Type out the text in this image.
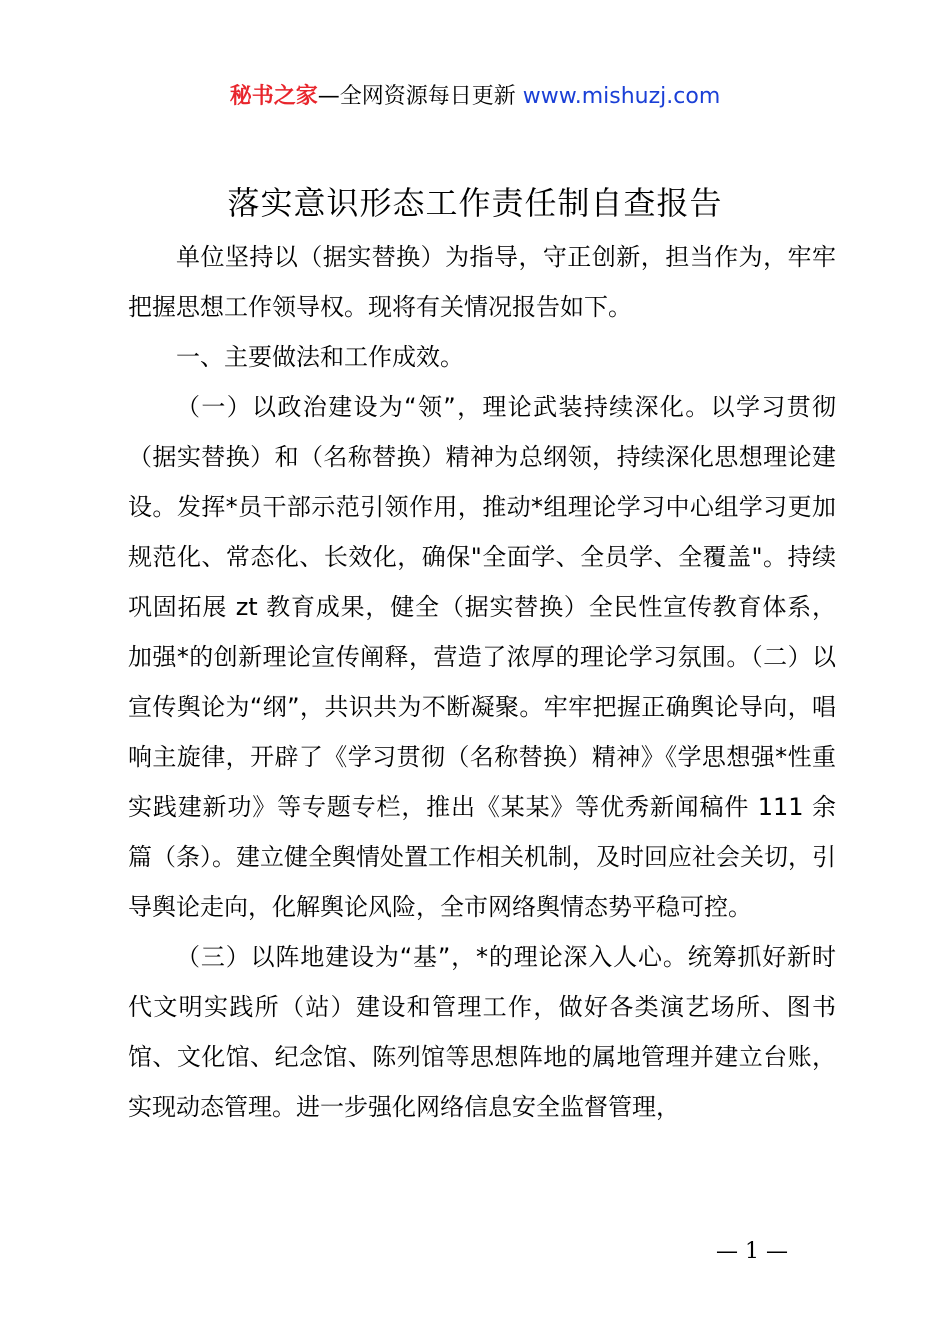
秘书之家—全网资源每日更新 www.mishuzj.com
落实意识形态工作责任制自查报告

单位坚持以（据实替换）为指导，守正创新，担当作为，牢牢把握思想工作领导权。现将有关情况报告如下。

一、主要做法和工作成效。

（一）以政治建设为“领”，理论武装持续深化。以学习贯彻（据实替换）和（名称替换）精神为总纲领，持续深化思想理论建设。发挥*员干部示范引领作用，推动*组理论学习中心组学习更加规范化、常态化、长效化，确保"全面学、全员学、全覆盖"。持续巩固拓展 zt 教育成果，健全（据实替换）全民性宣传教育体系，加强*的创新理论宣传阐释，营造了浓厚的理论学习氛围。（二）以宣传舆论为“纲”，共识共为不断凝聚。牢牢把握正确舆论导向，唱响主旋律，开辟了《学习贯彻（名称替换）精神》《学思想强*性重实践建新功》等专题专栏，推出《某某》等优秀新闻稿件 111 余篇（条）。建立健全舆情处置工作相关机制，及时回应社会关切，引导舆论走向，化解舆论风险，全市网络舆情态势平稳可控。

（三）以阵地建设为“基”，*的理论深入人心。统筹抓好新时代文明实践所（站）建设和管理工作，做好各类演艺场所、图书馆、文化馆、纪念馆、陈列馆等思想阵地的属地管理并建立台账，实现动态管理。进一步强化网络信息安全监督管理，

— 1 —
